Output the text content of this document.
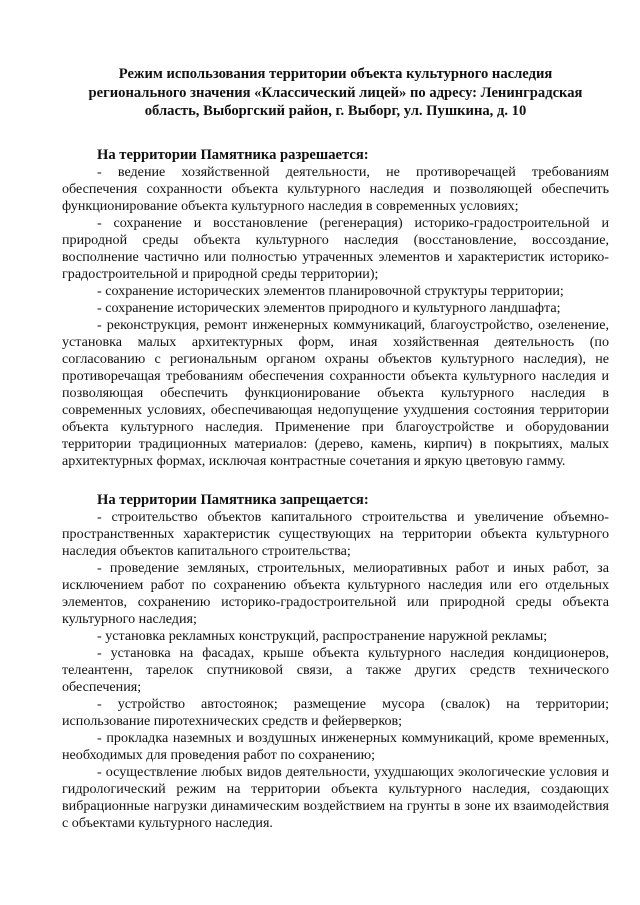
Режим использования территории объекта культурного наследия регионального значения «Классический лицей» по адресу: Ленинградская область, Выборгский район, г. Выборг, ул. Пушкина, д. 10

На территории Памятника разрешается:

- ведение хозяйственной деятельности, не противоречащей требованиям обеспечения сохранности объекта культурного наследия и позволяющей обеспечить функционирование объекта культурного наследия в современных условиях;

- сохранение и восстановление (регенерация) историко-градостроительной и природной среды объекта культурного наследия (восстановление, воссоздание, восполнение частично или полностью утраченных элементов и характеристик историко-градостроительной и природной среды территории);

- сохранение исторических элементов планировочной структуры территории;

- сохранение исторических элементов природного и культурного ландшафта;

- реконструкция, ремонт инженерных коммуникаций, благоустройство, озеленение, установка малых архитектурных форм, иная хозяйственная деятельность (по согласованию с региональным органом охраны объектов культурного наследия), не противоречащая требованиям обеспечения сохранности объекта культурного наследия и позволяющая обеспечить функционирование объекта культурного наследия в современных условиях, обеспечивающая недопущение ухудшения состояния территории объекта культурного наследия. Применение при благоустройстве и оборудовании территории традиционных материалов: (дерево, камень, кирпич) в покрытиях, малых архитектурных формах, исключая контрастные сочетания и яркую цветовую гамму.

На территории Памятника запрещается:

- строительство объектов капитального строительства и увеличение объемно-пространственных характеристик существующих на территории объекта культурного наследия объектов капитального строительства;

- проведение земляных, строительных, мелиоративных работ и иных работ, за исключением работ по сохранению объекта культурного наследия или его отдельных элементов, сохранению историко-градостроительной или природной среды объекта культурного наследия;

- установка рекламных конструкций, распространение наружной рекламы;

- установка на фасадах, крыше объекта культурного наследия кондиционеров, телеантенн, тарелок спутниковой связи, а также других средств технического обеспечения;

- устройство автостоянок; размещение мусора (свалок) на территории; использование пиротехнических средств и фейерверков;

- прокладка наземных и воздушных инженерных коммуникаций, кроме временных, необходимых для проведения работ по сохранению;

- осуществление любых видов деятельности, ухудшающих экологические условия и гидрологический режим на территории объекта культурного наследия, создающих вибрационные нагрузки динамическим воздействием на грунты в зоне их взаимодействия с объектами культурного наследия.
